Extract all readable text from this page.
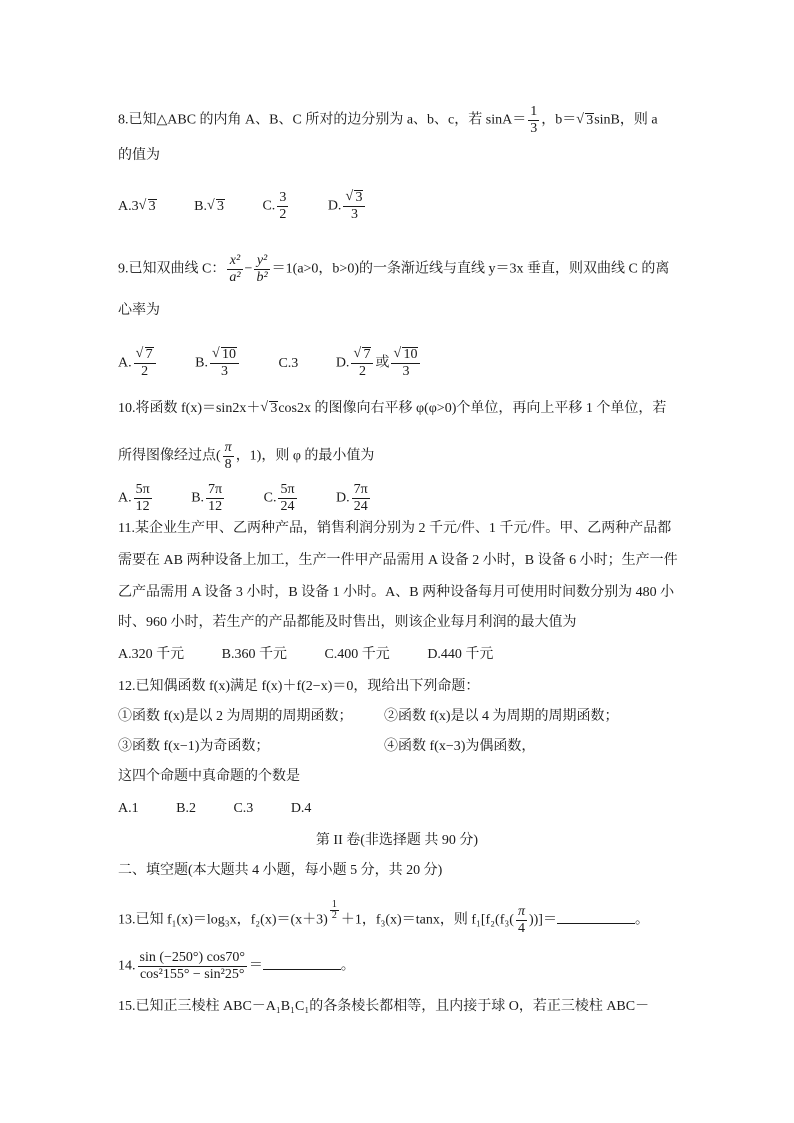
8.已知△ABC 的内角 A、B、C 所对的边分别为 a、b、c，若 $\sin A= \frac{1}{3}$ ，b＝ √ 3sinB，则 a
的值为
A.3 √ 3	B. √ 3	C. $\frac{3}{2}$	D. √ $\frac{3}{3}$
9.已知双曲线 C： $\frac{\text{x²}}{\text{a²}} - \frac{\text{y²}}{\text{b²}} =1(a>0$，b>0)的一条渐近线与直线 y＝3x 垂直，则双曲线 C 的离
心率为
A. √ $\frac{7}{2}$	B. √ $\frac{10}{3}$	C.3	D. √ $\frac{7}{2}$ 或 √ $\frac{10}{3}$
10.将函数 f(x)＝sin2x＋ √ 3cos2x 的图像向右平移 φ(φ>0)个单位，再向上平移 1 个单位，若
所得图像经过点( $\frac{\pi}{8}$ ，1)，则 φ 的最小值为
A. $\frac{5\pi}{12}$	B. $\frac{7\pi}{12}$	C. $\frac{5\pi}{24}$	D. $\frac{7\pi}{24}$
11.某企业生产甲、乙两种产品，销售利润分别为 2 千元/件、1 千元/件。甲、乙两种产品都
需要在 AB 两种设备上加工，生产一件甲产品需用 A 设备 2 小时，B 设备 6 小时；生产一件
乙产品需用 A 设备 3 小时，B 设备 1 小时。A、B 两种设备每月可使用时间数分别为 480 小
时、960 小时，若生产的产品都能及时售出，则该企业每月利润的最大值为
A.320 千元	B.360 千元	C.400 千元	D.440 千元
12.已知偶函数 f(x)满足 f(x)＋f(2−x)＝0，现给出下列命题：
①函数 f(x)是以 2 为周期的周期函数； ②函数 f(x)是以 4 为周期的周期函数；
③函数 f(x−1)为奇函数；	④函数 f(x−3)为偶函数，
这四个命题中真命题的个数是
A.1	B.2	C.3	D.4
第 II 卷(非选择题 共 90 分)
二、填空题(本大题共 4 小题，每小题 5 分，共 20 分)
13.已知 f₁(x)＝log₃x，$f_2(x)=(x+3) \frac{1}{2} +1$，f₃(x)＝tanx，则 $f_1[f_2(f_3( \frac{\pi}{4}$ ))]＝	。
14. $\frac{\sin (-250^\circ) \cos 70^\circ}{\text{cos²155° − sin²25°}}$ ＝	。
15.已知正三棱柱 ABC－A₁B₁C₁的各条棱长都相等，且内接于球 O，若正三棱柱 ABC－
